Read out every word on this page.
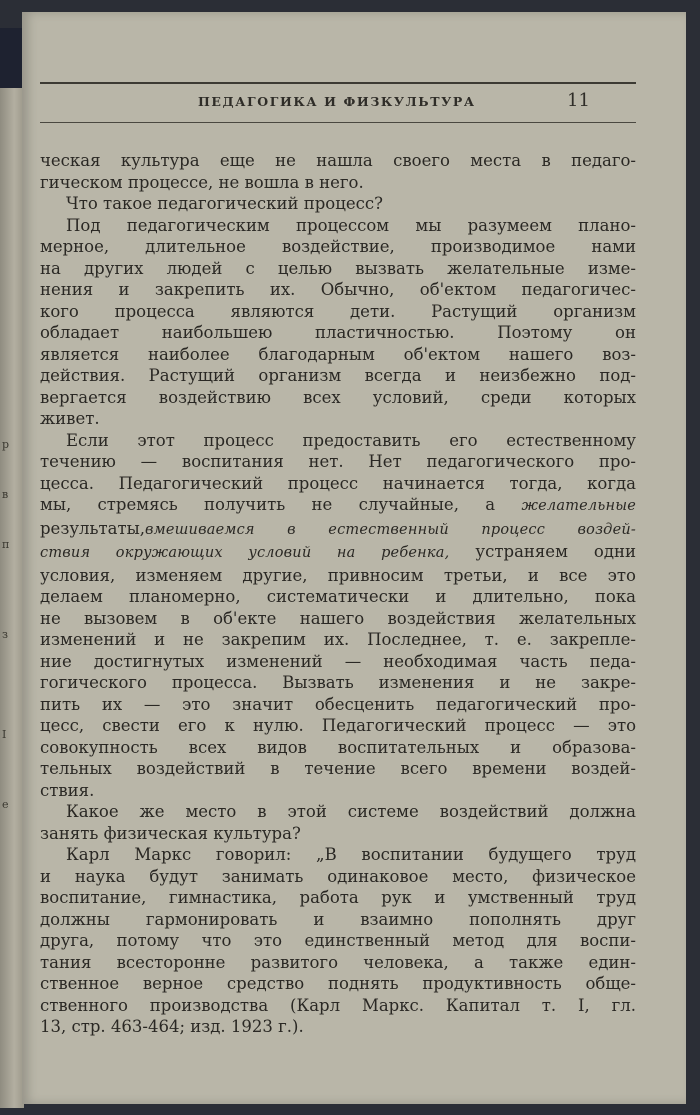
р
в
п
з
I
е
ПЕДАГОГИКА И ФИЗКУЛЬТУРА	11
ческая культура еще не нашла своего места в педаго-
гическом процессе, не вошла в него.
Что такое педагогический процесс?
Под педагогическим процессом мы разумеем плано-
мерное, длительное воздействие, производимое нами
на других людей с целью вызвать желательные изме-
нения и закрепить их. Обычно, об'ектом педагогичес-
кого процесса являются дети. Растущий организм
обладает наибольшею пластичностью. Поэтому он
является наиболее благодарным об'ектом нашего воз-
действия. Растущий организм всегда и неизбежно под-
вергается воздействию всех условий, среди которых
живет.
Если этот процесс предоставить его естественному
течению — воспитания нет. Нет педагогического про-
цесса. Педагогический процесс начинается тогда, когда
мы, стремясь получить не случайные, а желательные
результаты,вмешиваемся в естественный процесс воздей-
ствия окружающих условий на ребенка, устраняем одни
условия, изменяем другие, привносим третьи, и все это
делаем планомерно, систематически и длительно, пока
не вызовем в об'екте нашего воздействия желательных
изменений и не закрепим их. Последнее, т. е. закрепле-
ние достигнутых изменений — необходимая часть педа-
гогического процесса. Вызвать изменения и не закре-
пить их — это значит обесценить педагогический про-
цесс, свести его к нулю. Педагогический процесс — это
совокупность всех видов воспитательных и образова-
тельных воздействий в течение всего времени воздей-
ствия.
Какое же место в этой системе воздействий должна
занять физическая культура?
Карл Маркс говорил: „В воспитании будущего труд
и наука будут занимать одинаковое место, физическое
воспитание, гимнастика, работа рук и умственный труд
должны гармонировать и взаимно пополнять друг
друга, потому что это единственный метод для воспи-
тания всесторонне развитого человека, а также един-
ственное верное средство поднять продуктивность обще-
ственного производства (Карл Маркс. Капитал т. I, гл.
13, стр. 463-464; изд. 1923 г.).
